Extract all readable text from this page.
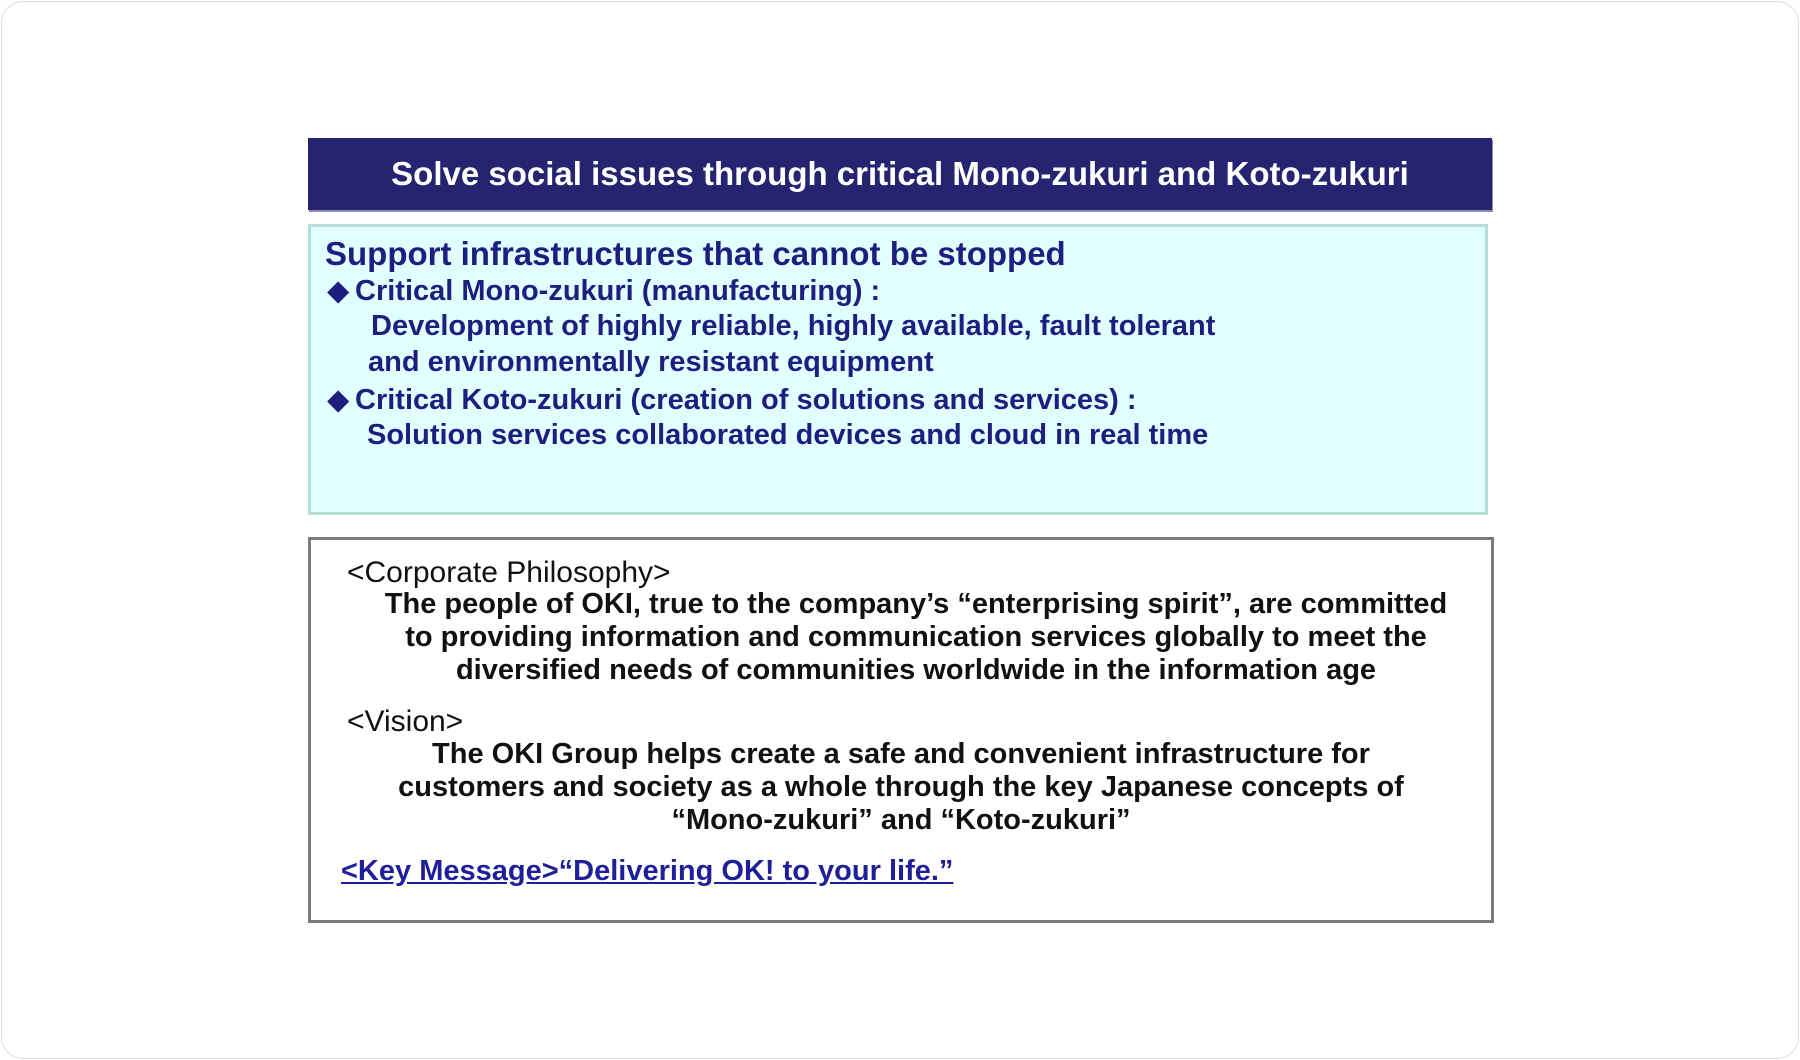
Solve social issues through critical Mono-zukuri and Koto-zukuri
Support infrastructures that cannot be stopped
◆ Critical Mono-zukuri (manufacturing) :
Development of highly reliable, highly available, fault tolerant
and environmentally resistant equipment
◆ Critical Koto-zukuri (creation of solutions and services) :
Solution services collaborated devices and cloud in real time
<Corporate Philosophy>
The people of OKI, true to the company’s “enterprising spirit”, are committed
to providing information and communication services globally to meet the
diversified needs of communities worldwide in the information age
<Vision>
The OKI Group helps create a safe and convenient infrastructure for
customers and society as a whole through the key Japanese concepts of
“Mono-zukuri” and “Koto-zukuri”
<Key Message>“Delivering OK! to your life.”
